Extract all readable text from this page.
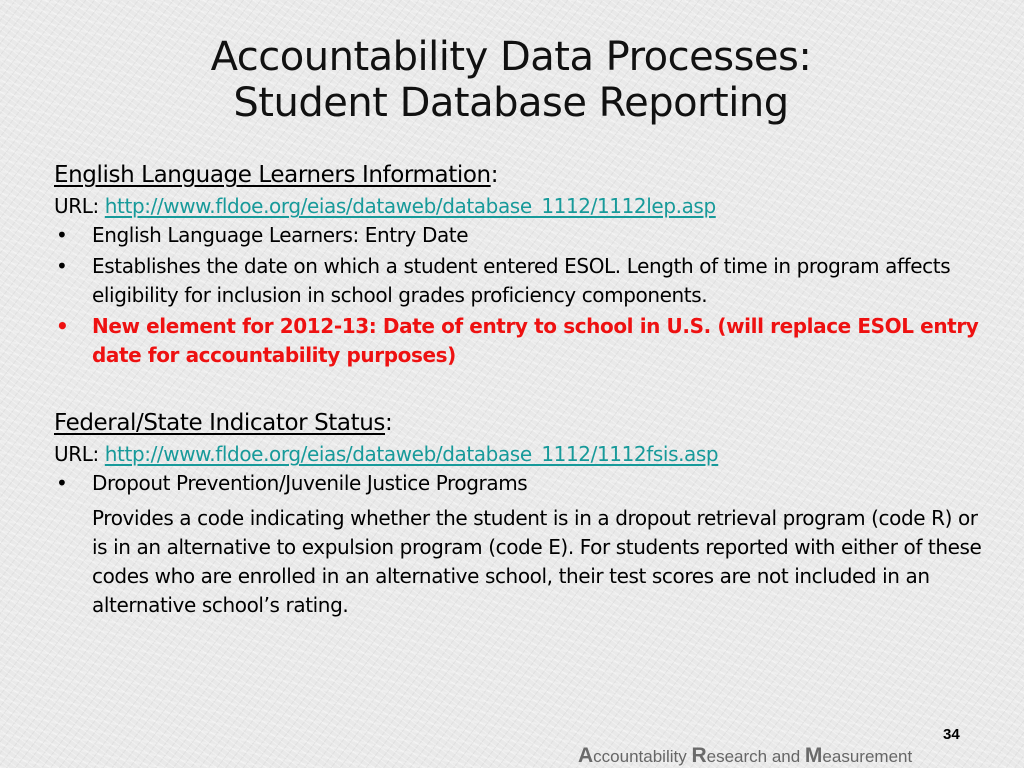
Accountability Data Processes:
Student Database Reporting

English Language Learners Information:

URL: http://www.fldoe.org/eias/dataweb/database_1112/1112lep.asp

• English Language Learners: Entry Date
• Establishes the date on which a student entered ESOL. Length of time in program affects eligibility for inclusion in school grades proficiency components.
• New element for 2012-13: Date of entry to school in U.S. (will replace ESOL entry date for accountability purposes)

Federal/State Indicator Status:

URL: http://www.fldoe.org/eias/dataweb/database_1112/1112fsis.asp

• Dropout Prevention/Juvenile Justice Programs

Provides a code indicating whether the student is in a dropout retrieval program (code R) or is in an alternative to expulsion program (code E). For students reported with either of these codes who are enrolled in an alternative school, their test scores are not included in an alternative school’s rating.

34
Accountability Research and Measurement
